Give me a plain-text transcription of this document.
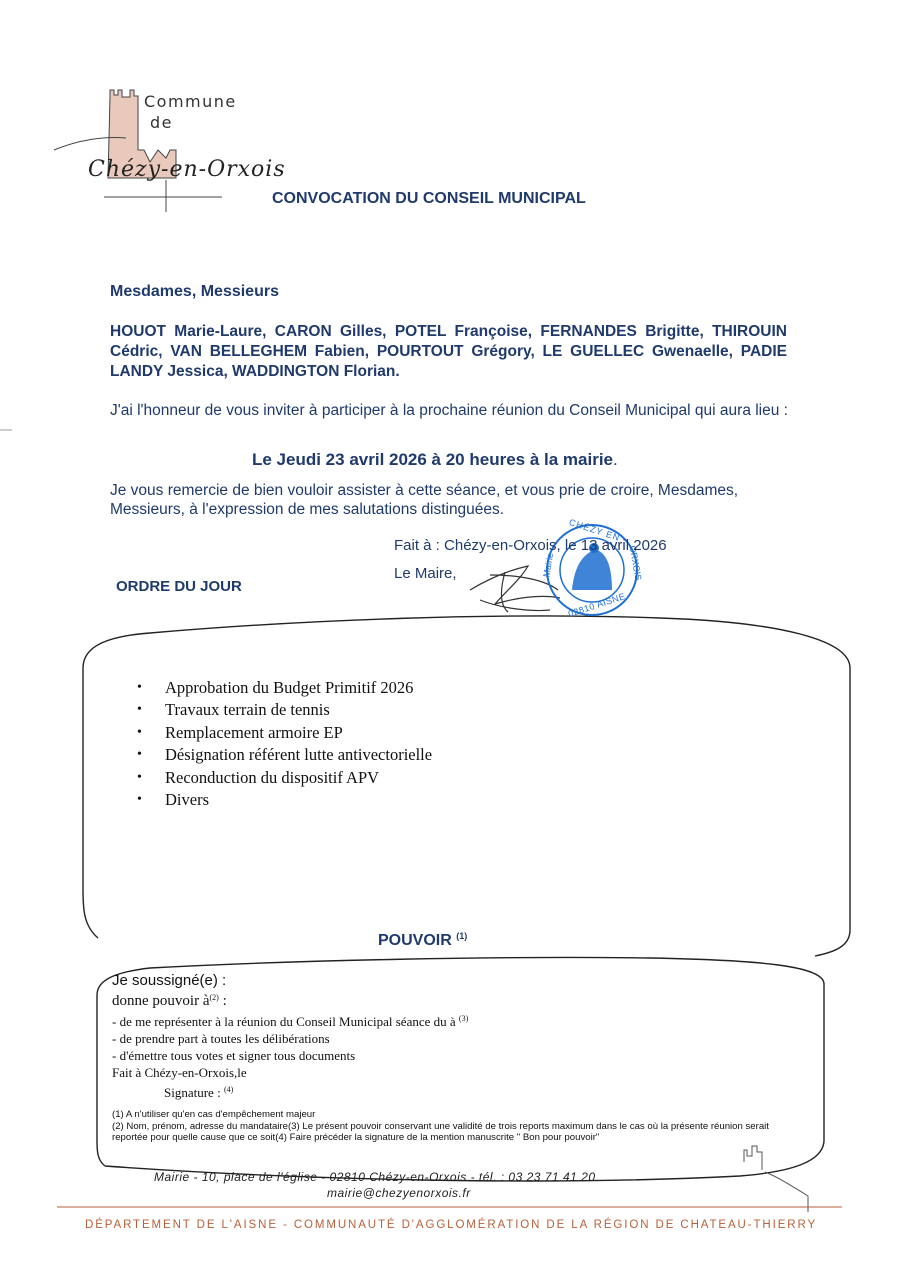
Commune
de
Chézy-en-Orxois
CHÉZY EN
Mairie	ORXOIS
02810 AISNE
CONVOCATION DU CONSEIL MUNICIPAL
Mesdames, Messieurs
HOUOT Marie-Laure, CARON Gilles, POTEL Françoise, FERNANDES Brigitte, THIROUIN Cédric, VAN BELLEGHEM Fabien, POURTOUT Grégory, LE GUELLEC Gwenaelle, PADIE LANDY Jessica, WADDINGTON Florian.
J'ai l'honneur de vous inviter à participer à la prochaine réunion du Conseil Municipal qui aura lieu :
Le Jeudi 23 avril 2026 à 20 heures à la mairie.
Je vous remercie de bien vouloir assister à cette séance, et vous prie de croire, Mesdames, Messieurs, à l'expression de mes salutations distinguées.
Fait à : Chézy-en-Orxois, le 13 avril 2026
Le Maire,
ORDRE DU JOUR
• Approbation du Budget Primitif 2026
• Travaux terrain de tennis
• Remplacement armoire EP
• Désignation référent lutte antivectorielle
• Reconduction du dispositif APV
• Divers
POUVOIR $^{(1)}$
Je soussigné(e) :
donne pouvoir $à^{(2)}$ :
- de me représenter à la réunion du Conseil Municipal séance du à $^{(3)}$
- de prendre part à toutes les délibérations
- d'émettre tous votes et signer tous documents
Fait à Chézy-en-Orxois,le
Signature : $^{(4)}$
(1) A n'utiliser qu'en cas d'empêchement majeur
(2) Nom, prénom, adresse du mandataire(3) Le présent pouvoir conservant une validité de trois reports maximum dans le cas où la présente réunion serait reportée pour quelle cause que ce soit(4) Faire précéder la signature de la mention manuscrite " Bon pour pouvoir"
Mairie - 10, place de l'église - 02810 Chézy-en-Orxois - tél. : 03 23 71 41 20
mairie@chezyenorxois.fr
DÉPARTEMENT DE L'AISNE - COMMUNAUTÉ D'AGGLOMÉRATION DE LA RÉGION DE CHATEAU-THIERRY
